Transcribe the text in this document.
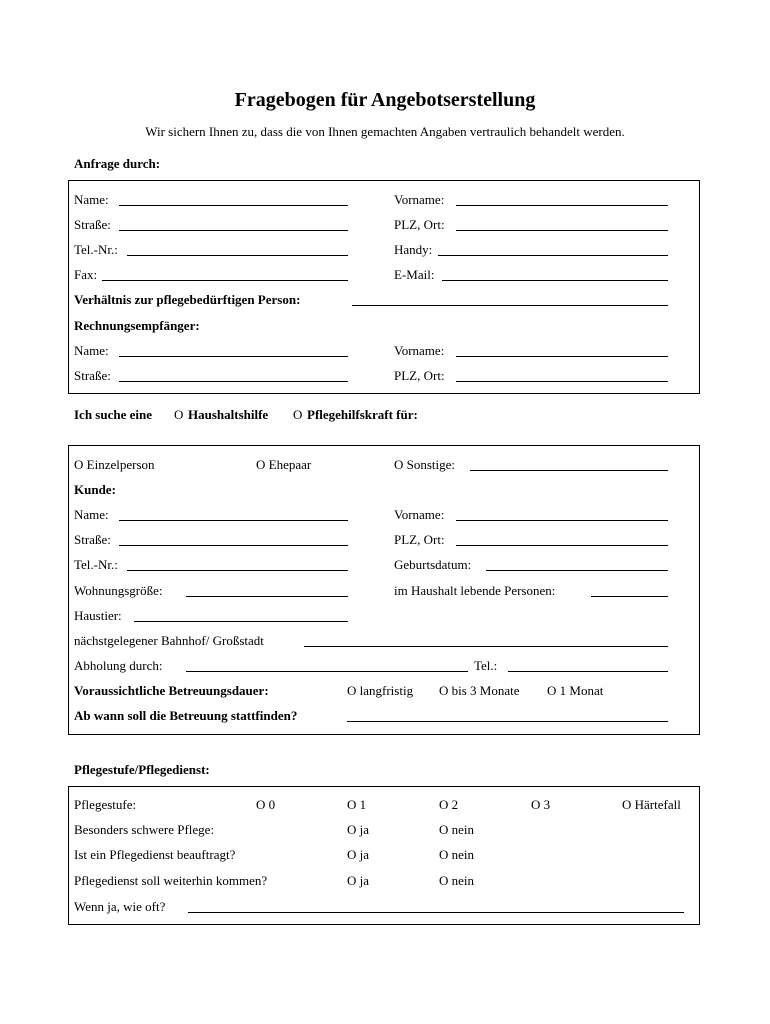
Fragebogen für Angebotserstellung
Wir sichern Ihnen zu, dass die von Ihnen gemachten Angaben vertraulich behandelt werden.
Anfrage durch:
Name:	Vorname:
Straße:	PLZ, Ort:
Tel.-Nr.:	Handy:
Fax:	E-Mail:
Verhältnis zur pflegebedürftigen Person:
Rechnungsempfänger:
Name:	Vorname:
Straße:	PLZ, Ort:
Ich suche eine O Haushaltshilfe O Pflegehilfskraft für:
O Einzelperson	O Ehepaar	O Sonstige:
Kunde:
Name:	Vorname:
Straße:	PLZ, Ort:
Tel.-Nr.:	Geburtsdatum:
Wohnungsgröße:	im Haushalt lebende Personen:
Haustier:
nächstgelegener Bahnhof/ Großstadt
Abholung durch:	Tel.:
Voraussichtliche Betreuungsdauer:	O langfristig O bis 3 Monate O 1 Monat
Ab wann soll die Betreuung stattfinden?
Pflegestufe/Pflegedienst:
Pflegestufe:	O 0	O 1	O 2	O 3	O Härtefall
Besonders schwere Pflege:	O ja	O nein
Ist ein Pflegedienst beauftragt?	O ja	O nein
Pflegedienst soll weiterhin kommen?	O ja	O nein
Wenn ja, wie oft?
